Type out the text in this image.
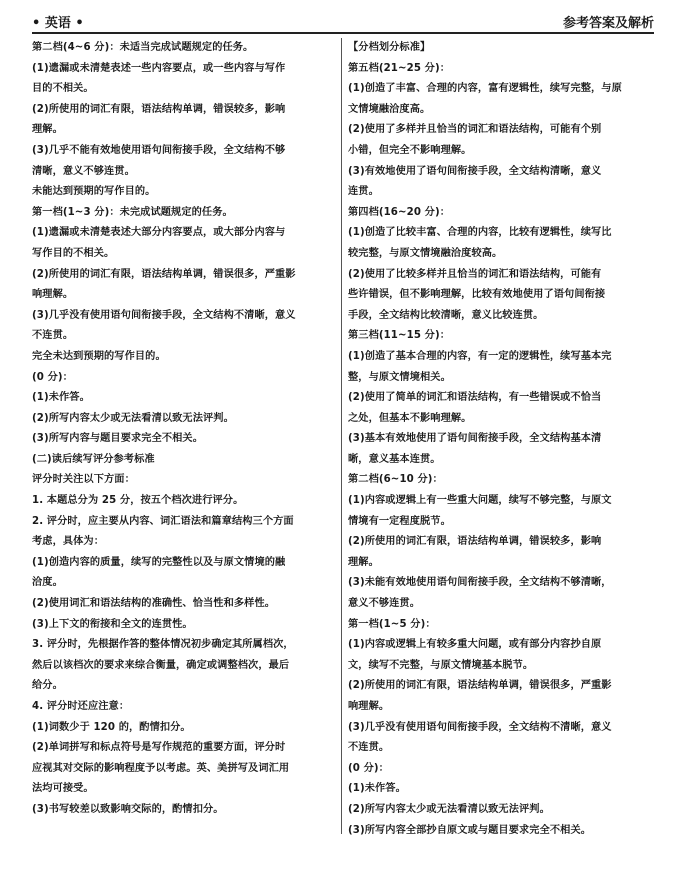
• 英语 •	参考答案及解析
第二档(4~6 分)：未适当完成试题规定的任务。
(1)遗漏或未清楚表述一些内容要点，或一些内容与写作
目的不相关。
(2)所使用的词汇有限，语法结构单调，错误较多，影响
理解。
(3)几乎不能有效地使用语句间衔接手段，全文结构不够
清晰，意义不够连贯。
未能达到预期的写作目的。
第一档(1~3 分)：未完成试题规定的任务。
(1)遗漏或未清楚表述大部分内容要点，或大部分内容与
写作目的不相关。
(2)所使用的词汇有限，语法结构单调，错误很多，严重影
响理解。
(3)几乎没有使用语句间衔接手段，全文结构不清晰，意义
不连贯。
完全未达到预期的写作目的。
(0 分)：
(1)未作答。
(2)所写内容太少或无法看清以致无法评判。
(3)所写内容与题目要求完全不相关。
(二)读后续写评分参考标准
评分时关注以下方面：
1. 本题总分为 25 分，按五个档次进行评分。
2. 评分时，应主要从内容、词汇语法和篇章结构三个方面
考虑，具体为：
(1)创造内容的质量，续写的完整性以及与原文情境的融
洽度。
(2)使用词汇和语法结构的准确性、恰当性和多样性。
(3)上下文的衔接和全文的连贯性。
3. 评分时，先根据作答的整体情况初步确定其所属档次，
然后以该档次的要求来综合衡量，确定或调整档次，最后
给分。
4. 评分时还应注意：
(1)词数少于 120 的，酌情扣分。
(2)单词拼写和标点符号是写作规范的重要方面，评分时
应视其对交际的影响程度予以考虑。英、美拼写及词汇用
法均可接受。
(3)书写较差以致影响交际的，酌情扣分。
【分档划分标准】
第五档(21~25 分)：
(1)创造了丰富、合理的内容，富有逻辑性，续写完整，与原
文情境融洽度高。
(2)使用了多样并且恰当的词汇和语法结构，可能有个别
小错，但完全不影响理解。
(3)有效地使用了语句间衔接手段，全文结构清晰，意义
连贯。
第四档(16~20 分)：
(1)创造了比较丰富、合理的内容，比较有逻辑性，续写比
较完整，与原文情境融洽度较高。
(2)使用了比较多样并且恰当的词汇和语法结构，可能有
些许错误，但不影响理解，比较有效地使用了语句间衔接
手段，全文结构比较清晰，意义比较连贯。
第三档(11~15 分)：
(1)创造了基本合理的内容，有一定的逻辑性，续写基本完
整，与原文情境相关。
(2)使用了简单的词汇和语法结构，有一些错误或不恰当
之处，但基本不影响理解。
(3)基本有效地使用了语句间衔接手段，全文结构基本清
晰，意义基本连贯。
第二档(6~10 分)：
(1)内容或逻辑上有一些重大问题，续写不够完整，与原文
情境有一定程度脱节。
(2)所使用的词汇有限，语法结构单调，错误较多，影响
理解。
(3)未能有效地使用语句间衔接手段，全文结构不够清晰，
意义不够连贯。
第一档(1~5 分)：
(1)内容或逻辑上有较多重大问题，或有部分内容抄自原
文，续写不完整，与原文情境基本脱节。
(2)所使用的词汇有限，语法结构单调，错误很多，严重影
响理解。
(3)几乎没有使用语句间衔接手段，全文结构不清晰，意义
不连贯。
(0 分)：
(1)未作答。
(2)所写内容太少或无法看清以致无法评判。
(3)所写内容全部抄自原文或与题目要求完全不相关。
